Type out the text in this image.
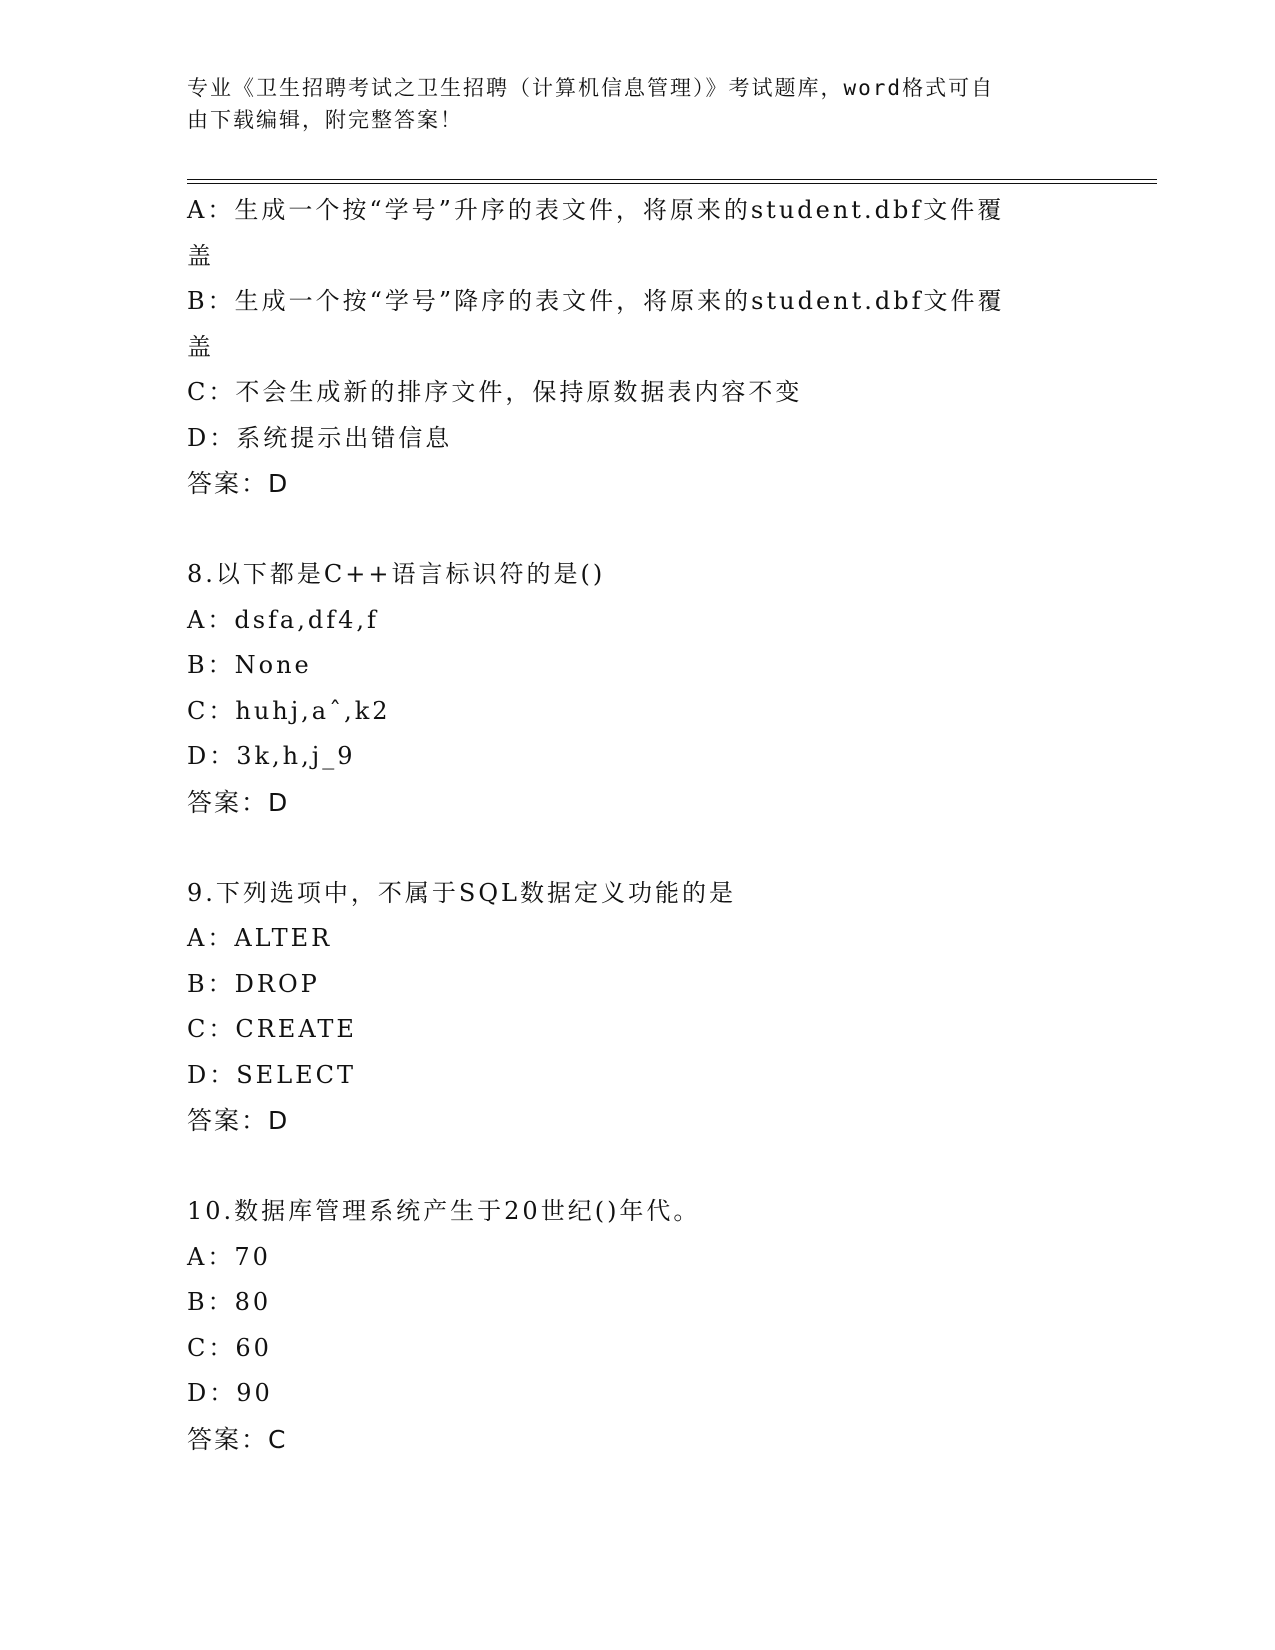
专业《卫生招聘考试之卫生招聘（计算机信息管理）》考试题库，word格式可自
由下载编辑，附完整答案！
A：生成一个按“学号”升序的表文件，将原来的student.dbf文件覆
盖
B：生成一个按“学号”降序的表文件，将原来的student.dbf文件覆
盖
C：不会生成新的排序文件，保持原数据表内容不变
D：系统提示出错信息
答案：D
8.以下都是C++语言标识符的是()
A：dsfa,df4,f
B：None
C：huhj,aˆ,k2
D：3k,h,j_9
答案：D
9.下列选项中，不属于SQL数据定义功能的是
A：ALTER
B：DROP
C：CREATE
D：SELECT
答案：D
10.数据库管理系统产生于20世纪()年代。
A：70
B：80
C：60
D：90
答案：C
